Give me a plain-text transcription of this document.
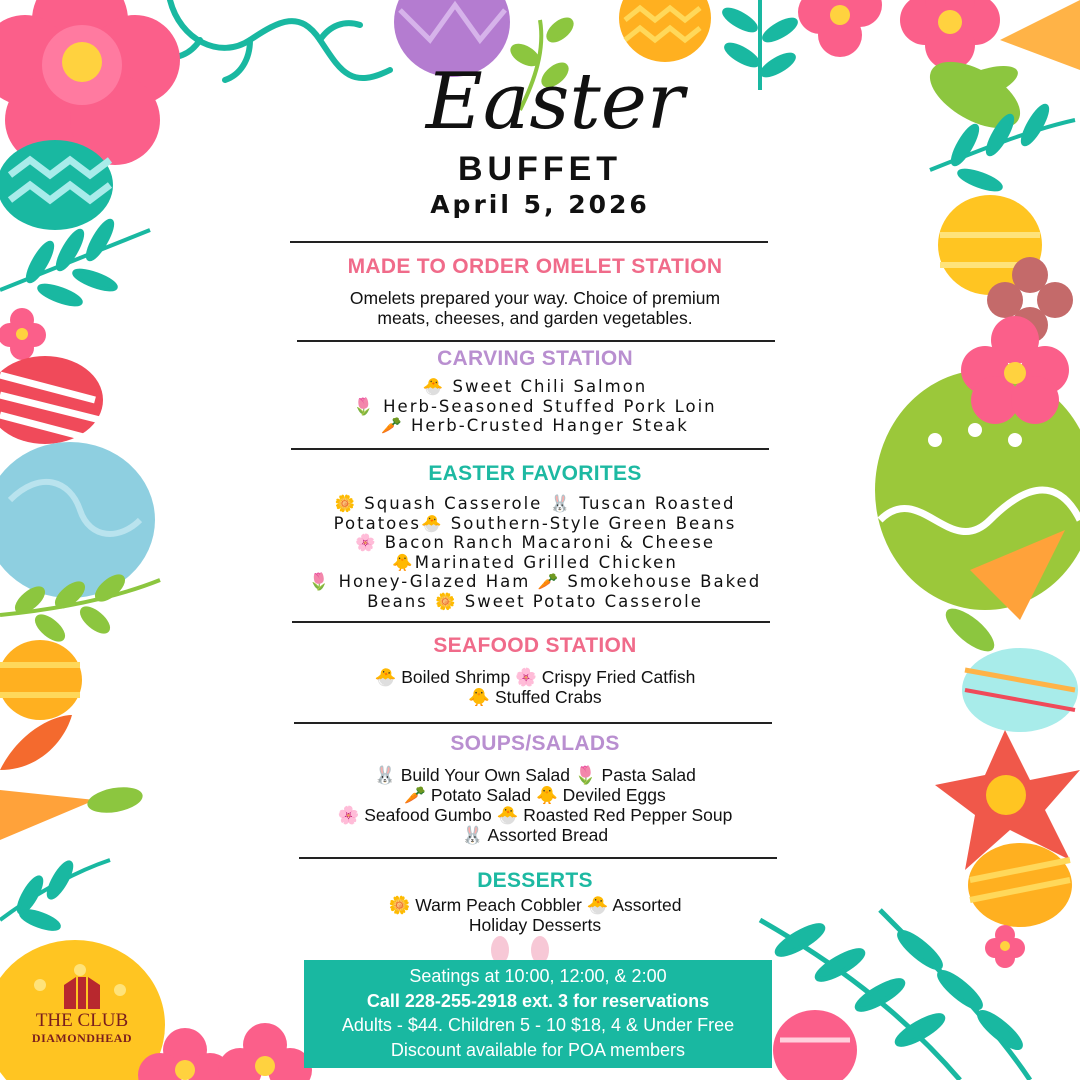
Easter
BUFFET
April 5, 2026
MADE TO ORDER OMELET STATION
Omelets prepared your way. Choice of premium
meats, cheeses, and garden vegetables.
CARVING STATION
🐣 Sweet Chili Salmon
🌷 Herb-Seasoned Stuffed Pork Loin
🥕 Herb-Crusted Hanger Steak
EASTER FAVORITES
🌼 Squash Casserole 🐰 Tuscan Roasted
Potatoes🐣 Southern-Style Green Beans
🌸 Bacon Ranch Macaroni & Cheese
🐥Marinated Grilled Chicken
🌷 Honey-Glazed Ham 🥕 Smokehouse Baked
Beans 🌼 Sweet Potato Casserole
SEAFOOD STATION
🐣 Boiled Shrimp 🌸 Crispy Fried Catfish
🐥 Stuffed Crabs
SOUPS/SALADS
🐰 Build Your Own Salad 🌷 Pasta Salad
🥕 Potato Salad 🐥 Deviled Eggs
🌸 Seafood Gumbo 🐣 Roasted Red Pepper Soup
🐰 Assorted Bread
DESSERTS
🌼 Warm Peach Cobbler 🐣 Assorted
Holiday Desserts
Seatings at 10:00, 12:00, & 2:00
Call 228-255-2918 ext. 3 for reservations
Adults - $44. Children 5 - 10 $18, 4 & Under Free
Discount available for POA members
THE CLUB
DIAMONDHEAD
